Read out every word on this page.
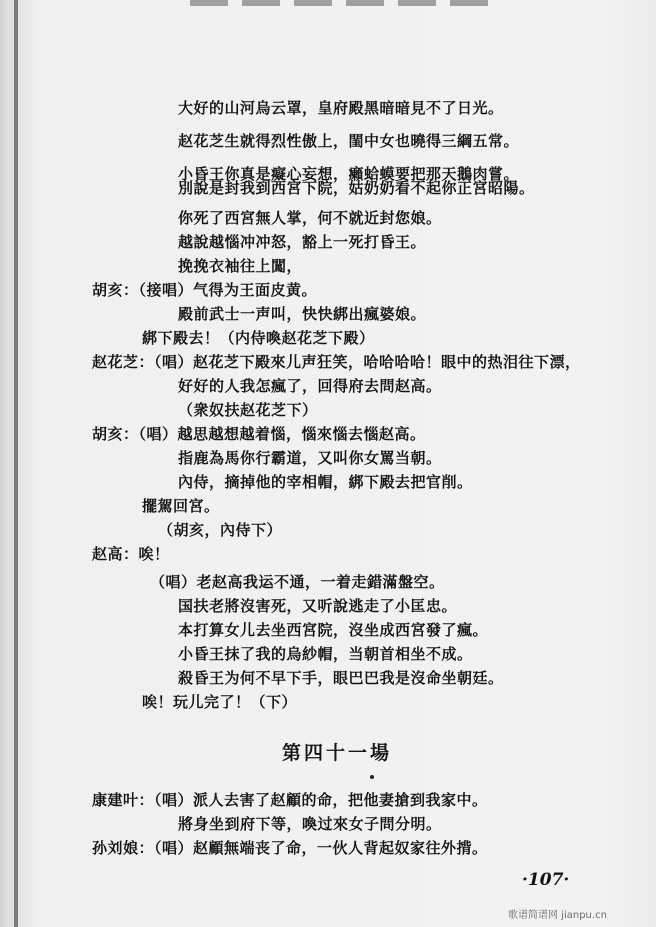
大好的山河烏云罩，皇府殿黑暗暗見不了日光。
赵花芝生就得烈性傲上，閨中女也曉得三綱五常。
小昏王你真是癡心妄想，癩蛤蟆要把那天鵝肉嘗。
別說是封我到西宮下院，姑奶奶看不起你正宮昭陽。
你死了西宮無人掌，何不就近封您娘。
越說越惱冲冲怒，豁上一死打昏王。
挽挽衣袖往上闖，
胡亥：（接唱）气得为王面皮黄。
殿前武士一声叫，快快綁出瘋婆娘。
綁下殿去！（内侍喚赵花芝下殿）
赵花芝：（唱）赵花芝下殿來儿声狂笑，哈哈哈哈！眼中的热泪往下漂，
好好的人我怎瘋了，回得府去問赵高。
（衆奴扶赵花芝下）
胡亥：（唱）越思越想越着惱，惱來惱去惱赵高。
指鹿為馬你行霸道，又叫你女罵当朝。
內侍，摘掉他的宰相帽，綁下殿去把官削。
擺駕回宮。
（胡亥，內侍下）
赵高：唉！
（唱）老赵高我运不通，一着走錯滿盤空。
国扶老將沒害死，又听說逃走了小匡忠。
本打算女儿去坐西宮院，沒坐成西宮發了瘋。
小昏王抹了我的烏紗帽，当朝首相坐不成。
殺昏王为何不早下手，眼巴巴我是沒命坐朝廷。
唉！玩儿完了！（下）
第四十一場
康建叶：（唱）派人去害了赵顧的命，把他妻搶到我家中。
將身坐到府下等，喚过來女子問分明。
孙刘娘：（唱）赵顧無端丧了命，一伙人背起奴家往外揹。
·107·
歌谱简谱网 jianpu.cn
